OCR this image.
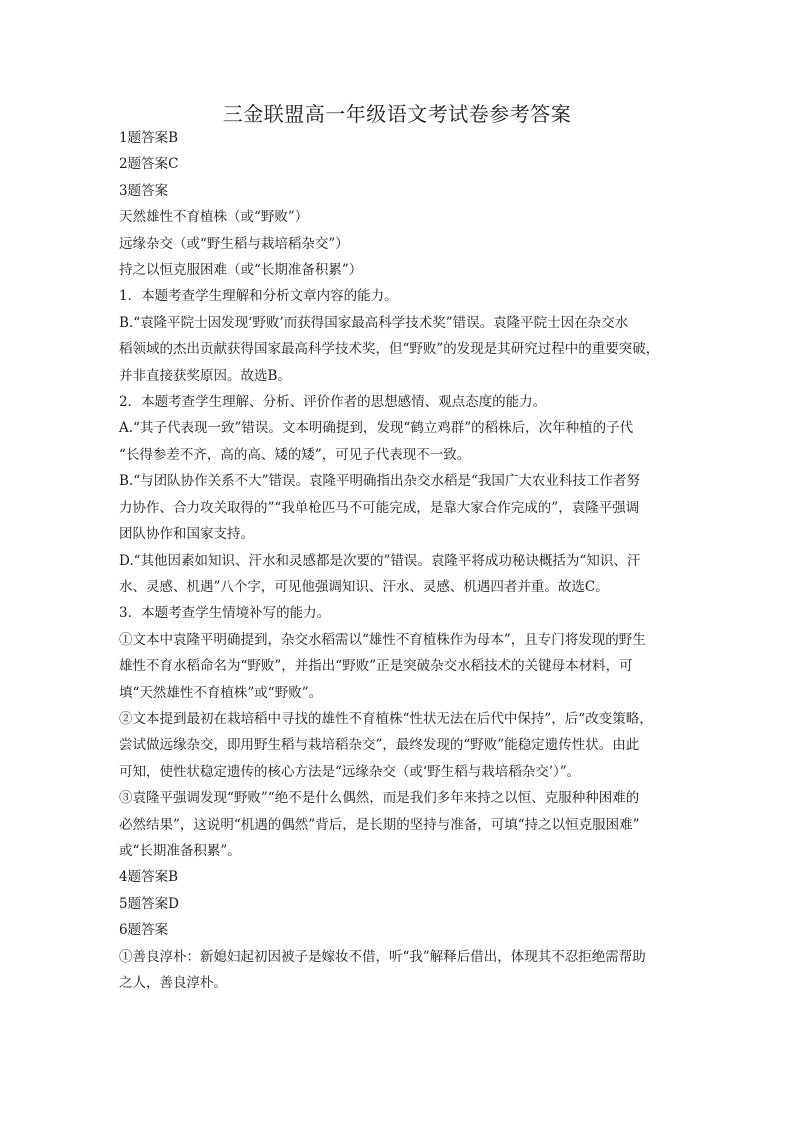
三金联盟高一年级语文考试卷参考答案
1题答案B
2题答案C
3题答案
天然雄性不育植株（或“野败”）
远缘杂交（或“野生稻与栽培稻杂交”）
持之以恒克服困难（或“长期准备积累”）
1．本题考查学生理解和分析文章内容的能力。
B.“袁隆平院士因发现‘野败’而获得国家最高科学技术奖”错误。袁隆平院士因在杂交水
稻领域的杰出贡献获得国家最高科学技术奖，但“野败”的发现是其研究过程中的重要突破，
并非直接获奖原因。故选B。
2．本题考查学生理解、分析、评价作者的思想感情、观点态度的能力。
A.“其子代表现一致”错误。文本明确提到，发现“鹤立鸡群”的稻株后，次年种植的子代
“长得参差不齐，高的高、矮的矮”，可见子代表现不一致。
B.“与团队协作关系不大”错误。袁隆平明确指出杂交水稻是“我国广大农业科技工作者努
力协作、合力攻关取得的”“我单枪匹马不可能完成，是靠大家合作完成的”，袁隆平强调
团队协作和国家支持。
D.“其他因素如知识、汗水和灵感都是次要的”错误。袁隆平将成功秘诀概括为“知识、汗
水、灵感、机遇”八个字，可见他强调知识、汗水、灵感、机遇四者并重。故选C。
3．本题考查学生情境补写的能力。
①文本中袁隆平明确提到，杂交水稻需以“雄性不育植株作为母本”，且专门将发现的野生
雄性不育水稻命名为“野败”，并指出“野败”正是突破杂交水稻技术的关键母本材料，可
填“天然雄性不育植株”或“野败”。
②文本提到最初在栽培稻中寻找的雄性不育植株“性状无法在后代中保持”，后“改变策略，
尝试做远缘杂交，即用野生稻与栽培稻杂交”，最终发现的“野败”能稳定遗传性状。由此
可知，使性状稳定遗传的核心方法是“远缘杂交（或‘野生稻与栽培稻杂交’）”。
③袁隆平强调发现“野败”“绝不是什么偶然，而是我们多年来持之以恒、克服种种困难的
必然结果”，这说明“机遇的偶然”背后，是长期的坚持与准备，可填“持之以恒克服困难”
或“长期准备积累”。
4题答案B
5题答案D
6题答案
①善良淳朴：新媳妇起初因被子是嫁妆不借，听“我”解释后借出，体现其不忍拒绝需帮助
之人，善良淳朴。
